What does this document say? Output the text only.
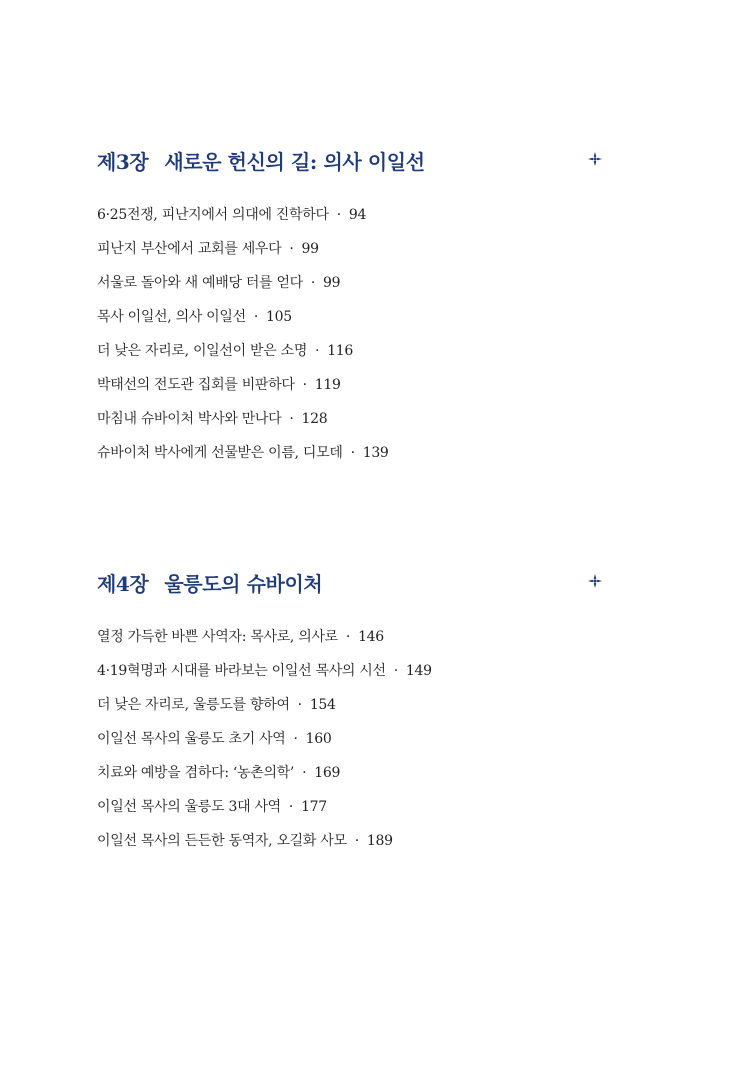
제3장 새로운 헌신의 길: 의사 이일선
6·25전쟁, 피난지에서 의대에 진학하다 · 94
피난지 부산에서 교회를 세우다 · 99
서울로 돌아와 새 예배당 터를 얻다 · 99
목사 이일선, 의사 이일선 · 105
더 낮은 자리로, 이일선이 받은 소명 · 116
박태선의 전도관 집회를 비판하다 · 119
마침내 슈바이처 박사와 만나다 · 128
슈바이처 박사에게 선물받은 이름, 디모데 · 139
제4장 울릉도의 슈바이처
열정 가득한 바쁜 사역자: 목사로, 의사로 · 146
4·19혁명과 시대를 바라보는 이일선 목사의 시선 · 149
더 낮은 자리로, 울릉도를 향하여 · 154
이일선 목사의 울릉도 초기 사역 · 160
치료와 예방을 겸하다: ‘농촌의학’ · 169
이일선 목사의 울릉도 3대 사역 · 177
이일선 목사의 든든한 동역자, 오길화 사모 · 189
